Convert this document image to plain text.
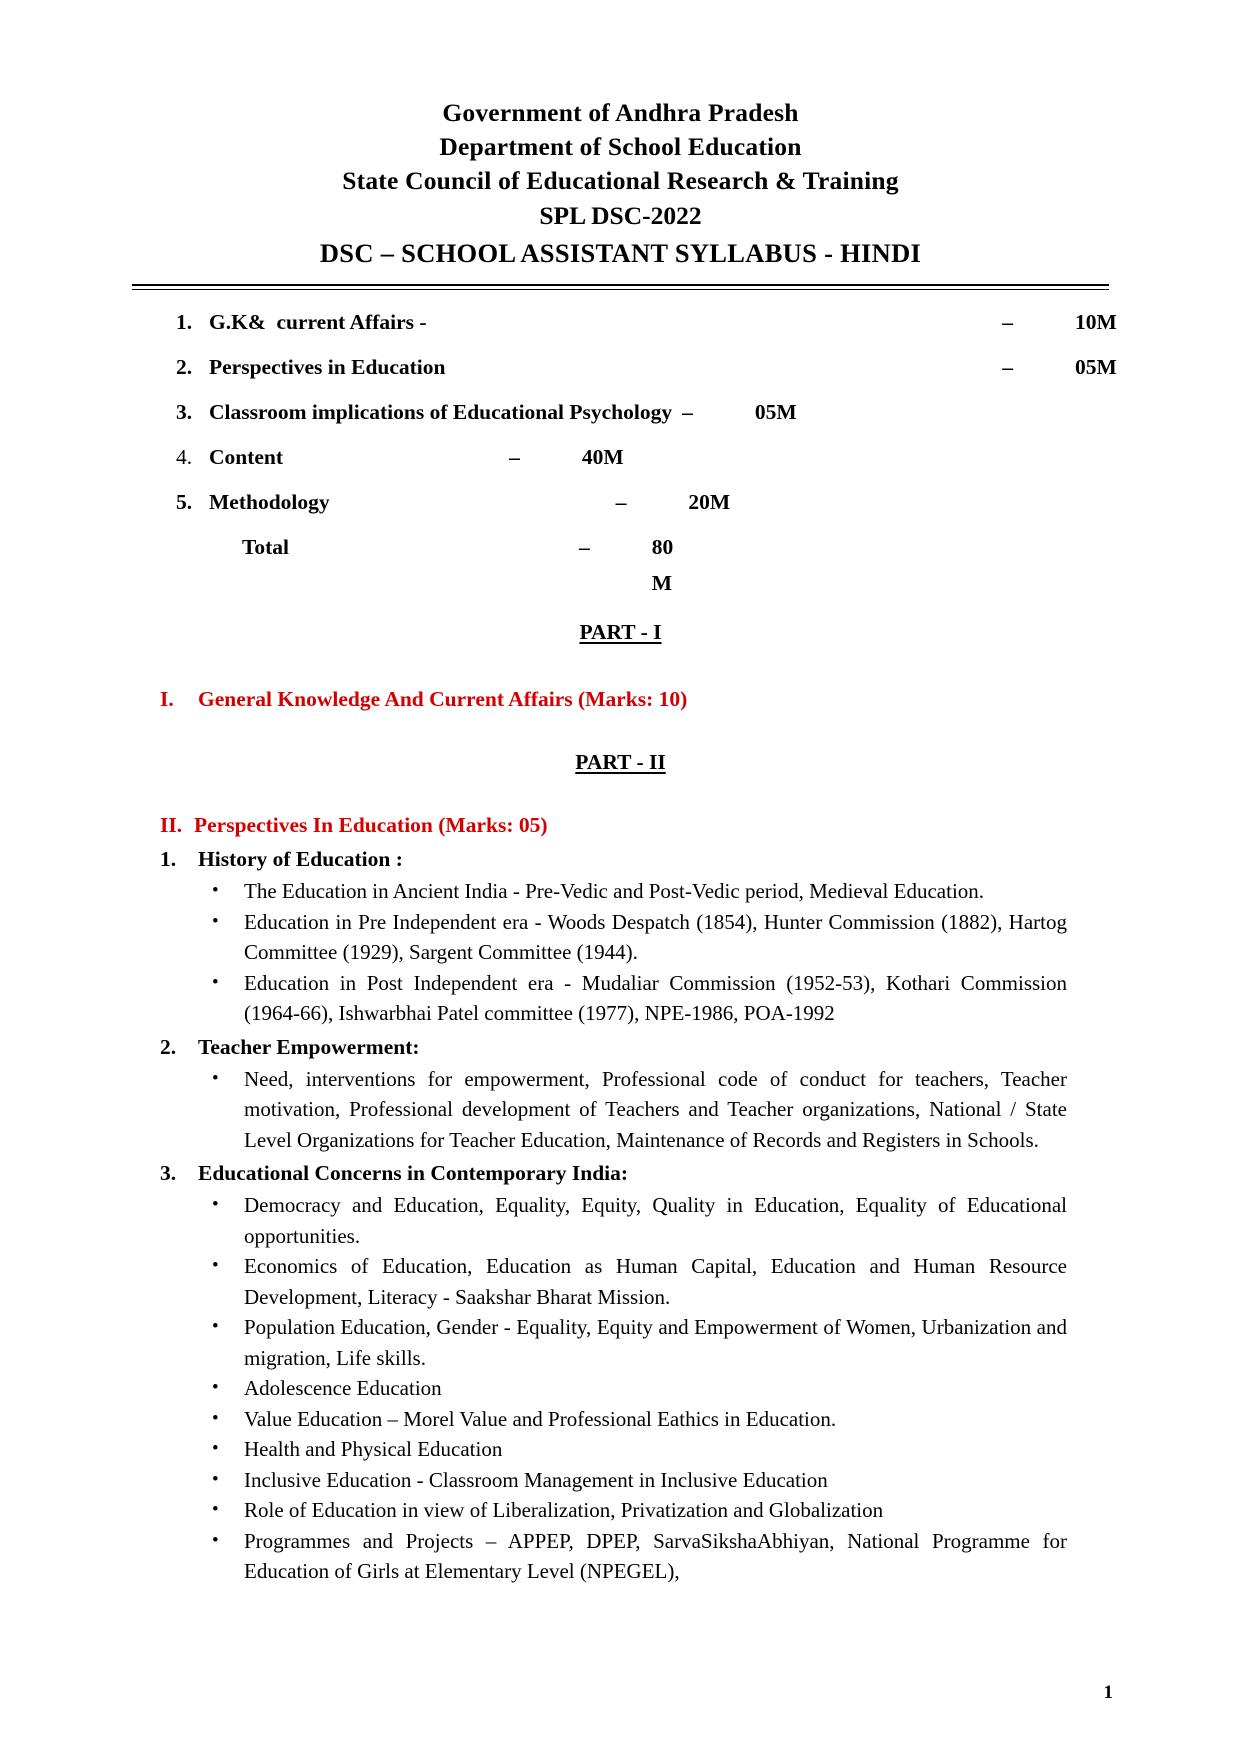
Government of Andhra Pradesh
Department of School Education
State Council of Educational Research & Training
SPL DSC-2022
DSC – SCHOOL ASSISTANT SYLLABUS - HINDI
1. G.K&  current Affairs -	–	10M
2. Perspectives in Education	–	05M
3. Classroom implications of Educational Psychology –	05M
4. Content	–	40M
5. Methodology	–	20M
Total	–	80 M
PART - I
I.	General Knowledge And Current Affairs (Marks: 10)
PART - II
II. Perspectives In Education (Marks: 05)
1.	History of Education :
• The Education in Ancient India - Pre-Vedic and Post-Vedic period, Medieval Education.
• Education in Pre Independent era - Woods Despatch (1854), Hunter Commission (1882), Hartog Committee (1929), Sargent Committee (1944).
• Education in Post Independent era - Mudaliar Commission (1952-53), Kothari Commission (1964-66), Ishwarbhai Patel committee (1977), NPE-1986, POA-1992
2.	Teacher Empowerment:
• Need, interventions for empowerment, Professional code of conduct for teachers, Teacher motivation, Professional development of Teachers and Teacher organizations, National / State Level Organizations for Teacher Education, Maintenance of Records and Registers in Schools.
3.	Educational Concerns in Contemporary India:
• Democracy and Education, Equality, Equity, Quality in Education, Equality of Educational opportunities.
• Economics of Education, Education as Human Capital, Education and Human Resource Development, Literacy - Saakshar Bharat Mission.
• Population Education, Gender - Equality, Equity and Empowerment of Women, Urbanization and migration, Life skills.
• Adolescence Education
• Value Education – Morel Value and Professional Eathics in Education.
• Health and Physical Education
• Inclusive Education - Classroom Management in Inclusive Education
• Role of Education in view of Liberalization, Privatization and Globalization
• Programmes and Projects – APPEP, DPEP, SarvaSikshaAbhiyan, National Programme for Education of Girls at Elementary Level (NPEGEL),
1
